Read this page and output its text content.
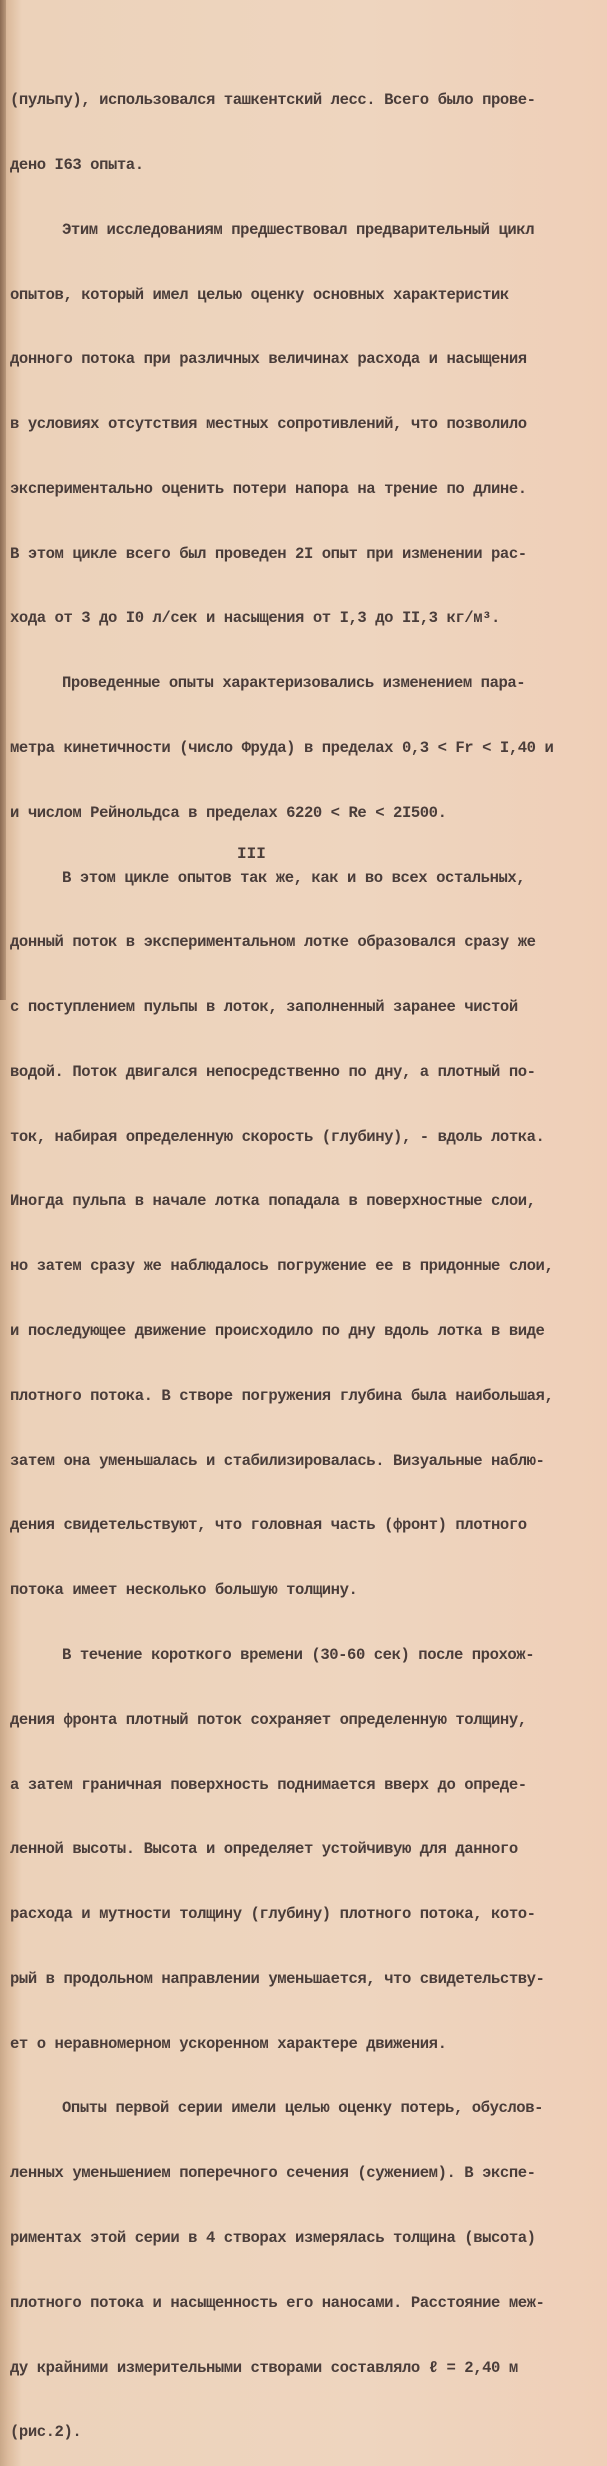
(пульпу), использовался ташкентский лесс. Всего было прове-

дено I63 опыта.

Этим исследованиям предшествовал предварительный цикл

опытов, который имел целью оценку основных характеристик

донного потока при различных величинах расхода и насыщения

в условиях отсутствия местных сопротивлений, что позволило

экспериментально оценить потери напора на трение по длине.

В этом цикле всего был проведен 2I опыт при изменении рас-

хода от 3 до I0 л/сек и насыщения от I,3 до II,3 кг/м³.

Проведенные опыты характеризовались изменением пара-

метра кинетичности (число Фруда) в пределах 0,3 < Fr < I,40 и

и числом Рейнольдса в пределах 6220 < Re < 2I500.

В этом цикле опытов так же, как и во всех остальных,

донный поток в экспериментальном лотке образовался сразу же

с поступлением пульпы в лоток, заполненный заранее чистой

водой. Поток двигался непосредственно по дну, а плотный по-

ток, набирая определенную скорость (глубину), - вдоль лотка.

Иногда пульпа в начале лотка попадала в поверхностные слои,

но затем сразу же наблюдалось погружение ее в придонные слои,

и последующее движение происходило по дну вдоль лотка в виде

плотного потока. В створе погружения глубина была наибольшая,

затем она уменьшалась и стабилизировалась. Визуальные наблю-

дения свидетельствуют, что головная часть (фронт) плотного

потока имеет несколько большую толщину.

В течение короткого времени (30-60 сек) после прохож-

дения фронта плотный поток сохраняет определенную толщину,

а затем граничная поверхность поднимается вверх до опреде-

ленной высоты. Высота и определяет устойчивую для данного

расхода и мутности толщину (глубину) плотного потока, кото-

рый в продольном направлении уменьшается, что свидетельству-

ет о неравномерном ускоренном характере движения.

Опыты первой серии имели целью оценку потерь, обуслов-

ленных уменьшением поперечного сечения (сужением). В экспе-

риментах этой серии в 4 створах измерялась толщина (высота)

плотного потока и насыщенность его наносами. Расстояние меж-

ду крайними измерительными створами составляло ℓ = 2,40 м

(рис.2).

III
